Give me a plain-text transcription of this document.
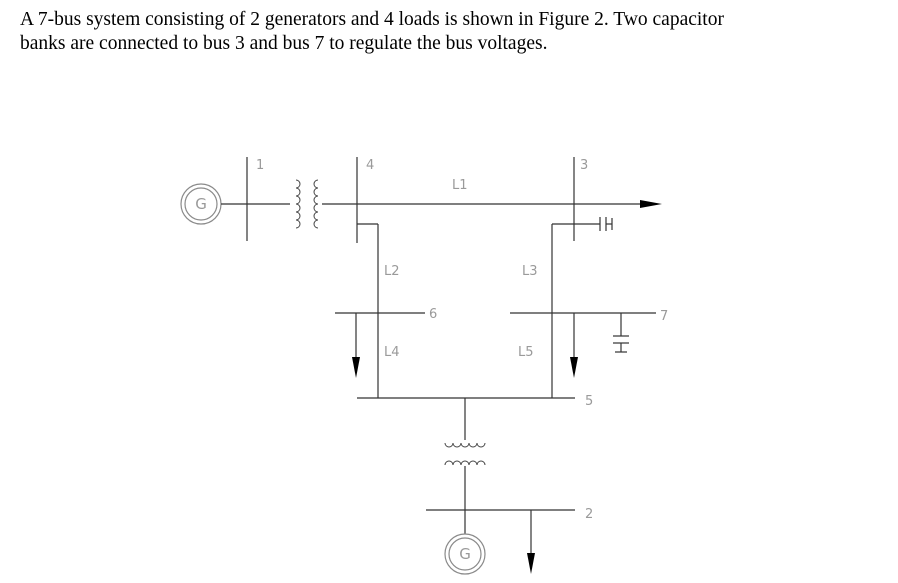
A 7-bus system consisting of 2 generators and 4 loads is shown in Figure 2. Two capacitor

banks are connected to bus 3 and bus 7 to regulate the bus voltages.

G
1	4
L1
3
L2
6
L4
L3
7
L5
5
2
G
